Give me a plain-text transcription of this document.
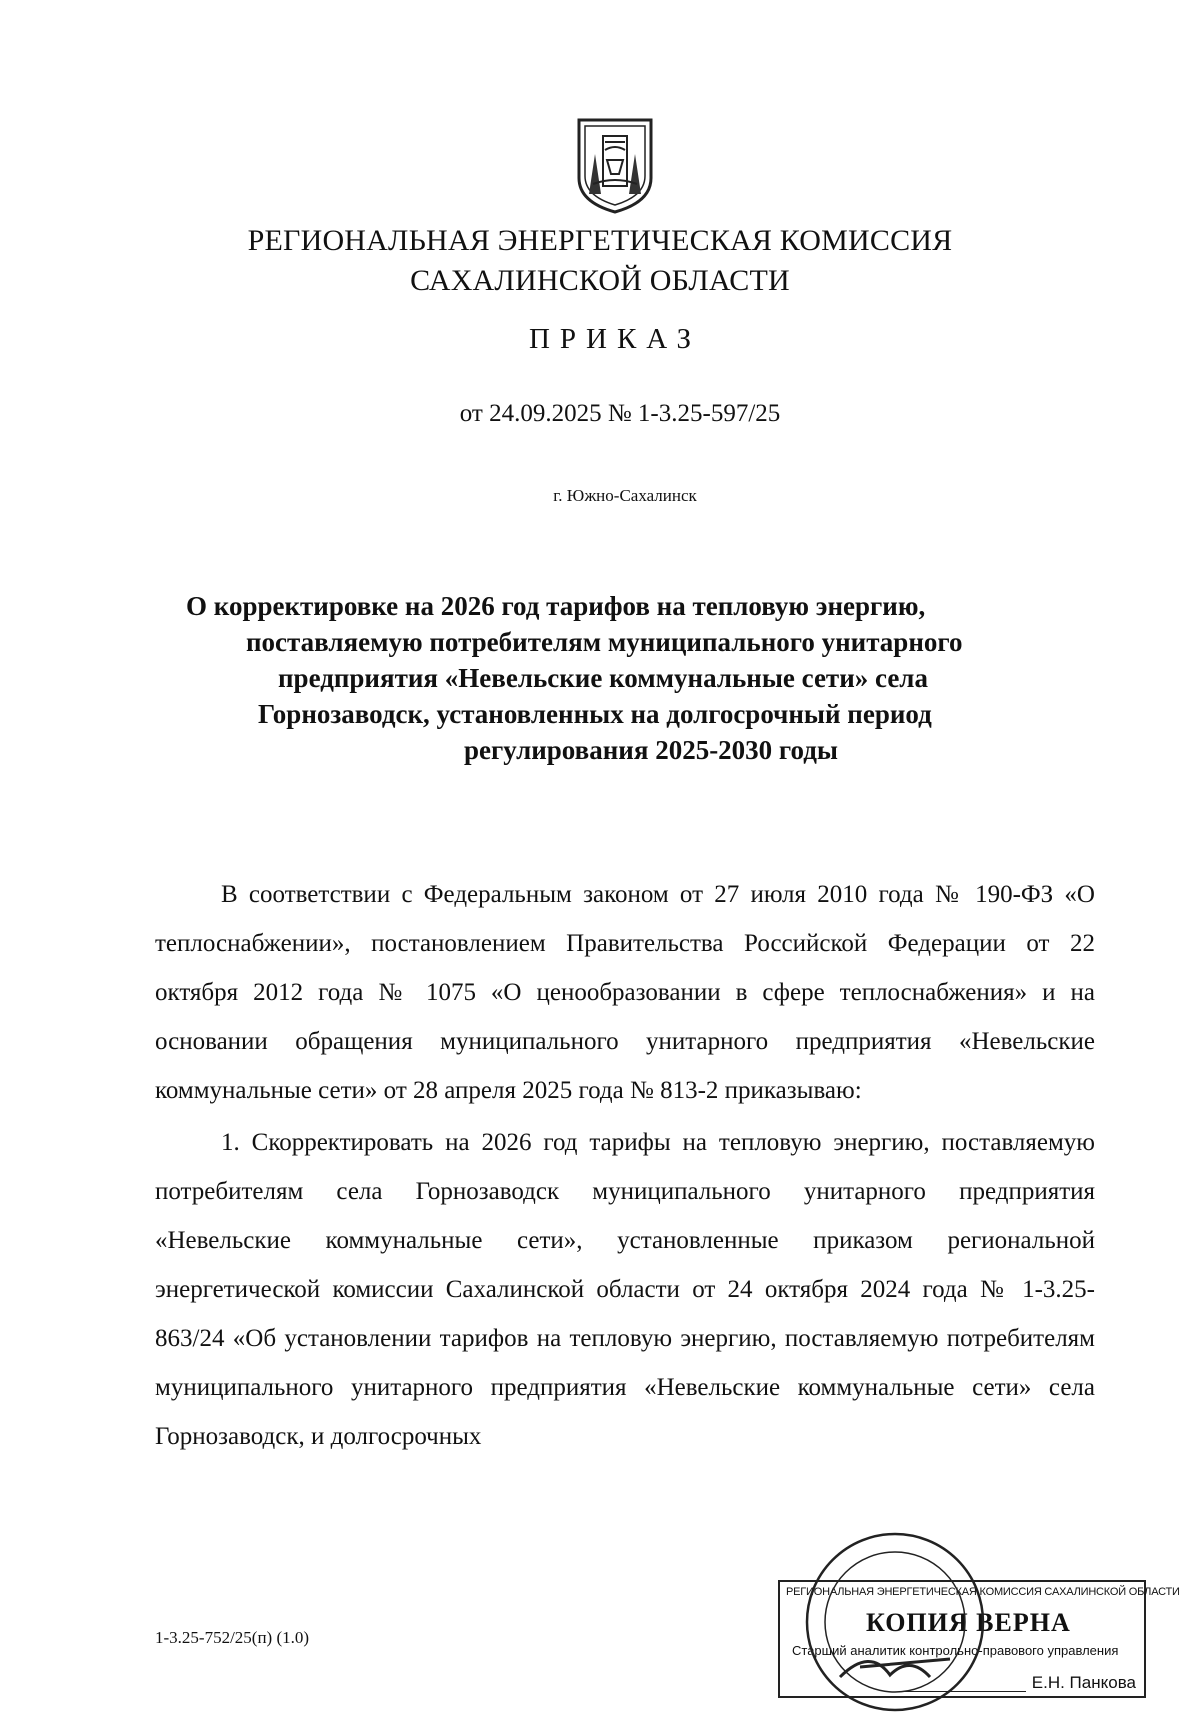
РЕГИОНАЛЬНАЯ ЭНЕРГЕТИЧЕСКАЯ КОМИССИЯ
САХАЛИНСКОЙ ОБЛАСТИ
ПРИКАЗ
от 24.09.2025 № 1-3.25-597/25
г. Южно-Сахалинск
О корректировке на 2026 год тарифов на тепловую энергию,
поставляемую потребителям муниципального унитарного
предприятия «Невельские коммунальные сети» села
Горнозаводск, установленных на долгосрочный период
регулирования 2025-2030 годы

В соответствии с Федеральным законом от 27 июля 2010 года № 190-ФЗ «О теплоснабжении», постановлением Правительства Российской Федерации от 22 октября 2012 года № 1075 «О ценообразовании в сфере теплоснабжения» и на основании обращения муниципального унитарного предприятия «Невельские коммунальные сети» от 28 апреля 2025 года № 813-2 приказываю:

1. Скорректировать на 2026 год тарифы на тепловую энергию, поставляемую потребителям села Горнозаводск муниципального унитарного предприятия «Невельские коммунальные сети», установленные приказом региональной энергетической комиссии Сахалинской области от 24 октября 2024 года № 1-3.25-863/24 «Об установлении тарифов на тепловую энергию, поставляемую потребителям муниципального унитарного предприятия «Невельские коммунальные сети» села Горнозаводск, и долгосрочных

1-3.25-752/25(п) (1.0)
РЕГИОНАЛЬНАЯ ЭНЕРГЕТИЧЕСКАЯ КОМИССИЯ САХАЛИНСКОЙ ОБЛАСТИ
КОПИЯ ВЕРНА
Старший аналитик контрольно-правового управления
Е.Н. Панкова
